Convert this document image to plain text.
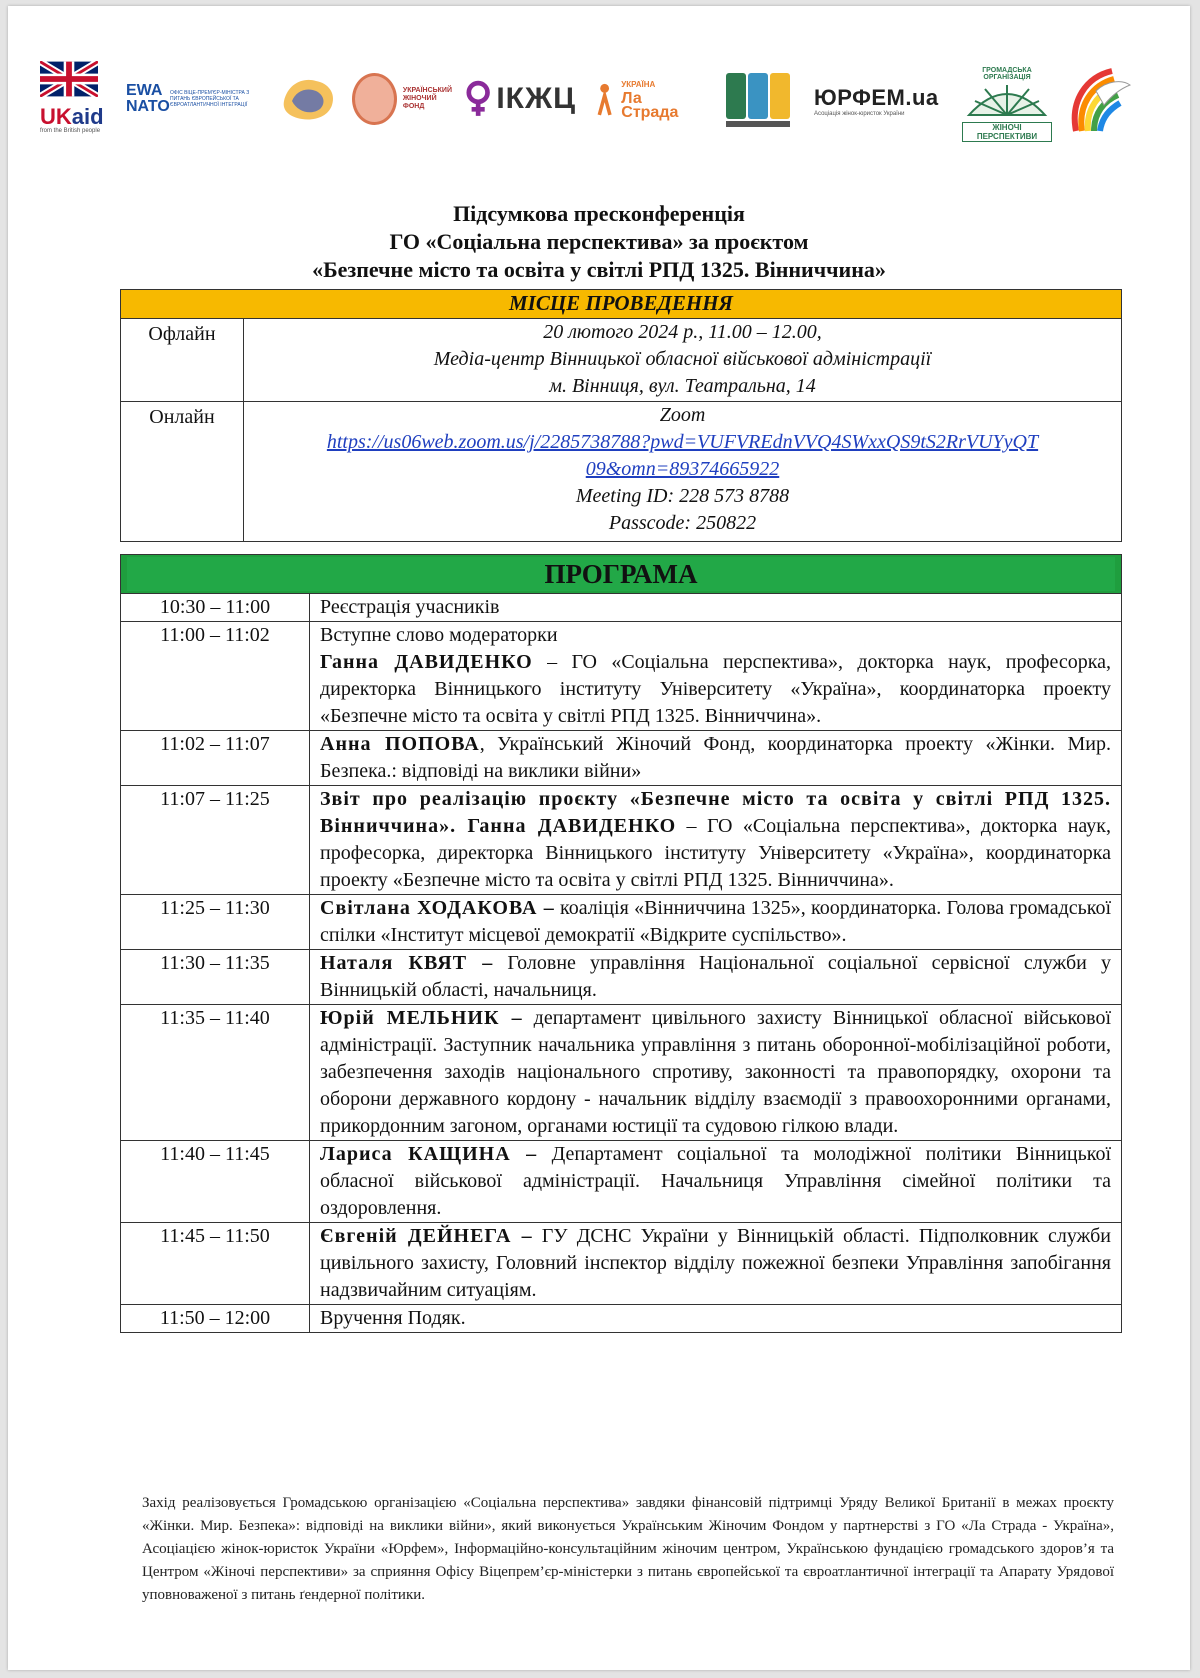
UKaid
from the British people
EWA NATO
ОФІС ВІЦЕ-ПРЕМ'ЄР-МІНІСТРА З ПИТАНЬ ЄВРОПЕЙСЬКОЇ ТА ЄВРОАТЛАНТИЧНОЇ ІНТЕГРАЦІЇ
УКРАЇНСЬКИЙ ЖІНОЧИЙ ФОНД	ІКЖЦ	УКРАЇНА
Ла Страда
ЮРФЕМ.ua
Асоціація жінок-юристок України
ГРОМАДСЬКА ОРГАНІЗАЦІЯ
ЖІНОЧІ ПЕРСПЕКТИВИ
Підсумкова пресконференція
ГО «Соціальна перспектива» за проєктом
«Безпечне місто та освіта у світлі РПД 1325. Вінниччина»
МІСЦЕ ПРОВЕДЕННЯ	
Офлайн	20 лютого 2024 р., 11.00 – 12.00,
Медіа-центр Вінницької обласної військової адміністрації
м. Вінниця, вул. Театральна, 14

Онлайн	Zoom
https://us06web.zoom.us/j/2285738788?pwd=VUFVREdnVVQ4SWxxQS9tS2RrVUYyQT
09&omn=89374665922
Meeting ID: 228 573 8788
Passcode: 250822
ПРОГРАМА	

10:30 – 11:00	Реєстрація учасників
11:00 – 11:02	Вступне слово модераторки
Ганна ДАВИДЕНКО – ГО «Соціальна перспектива», докторка наук, професорка, директорка Вінницького інституту Університету «Україна», координаторка проекту «Безпечне місто та освіта у світлі РПД 1325. Вінниччина».
11:02 – 11:07	Анна ПОПОВА, Український Жіночий Фонд, координаторка проекту «Жінки. Мир. Безпека.: відповіді на виклики війни»
11:07 – 11:25	Звіт про реалізацію проєкту «Безпечне місто та освіта у світлі РПД 1325. Вінниччина». Ганна ДАВИДЕНКО – ГО «Соціальна перспектива», докторка наук, професорка, директорка Вінницького інституту Університету «Україна», координаторка проекту «Безпечне місто та освіта у світлі РПД 1325. Вінниччина».
11:25 – 11:30	Світлана ХОДАКОВА – коаліція «Вінниччина 1325», координаторка. Голова громадської спілки «Інститут місцевої демократії «Відкрите суспільство».
11:30 – 11:35	Наталя КВЯТ – Головне управління Національної соціальної сервісної служби у Вінницькій області, начальниця.
11:35 – 11:40	Юрій МЕЛЬНИК – департамент цивільного захисту Вінницької обласної військової адміністрації. Заступник начальника управління з питань оборонної-мобілізаційної роботи, забезпечення заходів національного спротиву, законності та правопорядку, охорони та оборони державного кордону - начальник відділу взаємодії з правоохоронними органами, прикордонним загоном, органами юстиції та судовою гілкою влади.
11:40 – 11:45	Лариса КАЩИНА – Департамент соціальної та молодіжної політики Вінницької обласної військової адміністрації. Начальниця Управління сімейної політики та оздоровлення.
11:45 – 11:50	Євгеній ДЕЙНЕГА – ГУ ДСНС України у Вінницькій області. Підполковник служби цивільного захисту, Головний інспектор відділу пожежної безпеки Управління запобігання надзвичайним ситуаціям.
11:50 – 12:00	Вручення Подяк.
Захід реалізовується Громадською організацією «Соціальна перспектива» завдяки фінансовій підтримці Уряду Великої Британії в межах проєкту «Жінки. Мир. Безпека»: відповіді на виклики війни», який виконується Українським Жіночим Фондом у партнерстві з ГО «Ла Страда - Україна», Асоціацією жінок-юристок України «Юрфем», Інформаційно-консультаційним жіночим центром, Українською фундацією громадського здоров’я та Центром «Жіночі перспективи» за сприяння Офісу Віцепрем’єр-міністерки з питань європейської та євроатлантичної інтеграції та Апарату Урядової уповноваженої з питань ґендерної політики.
